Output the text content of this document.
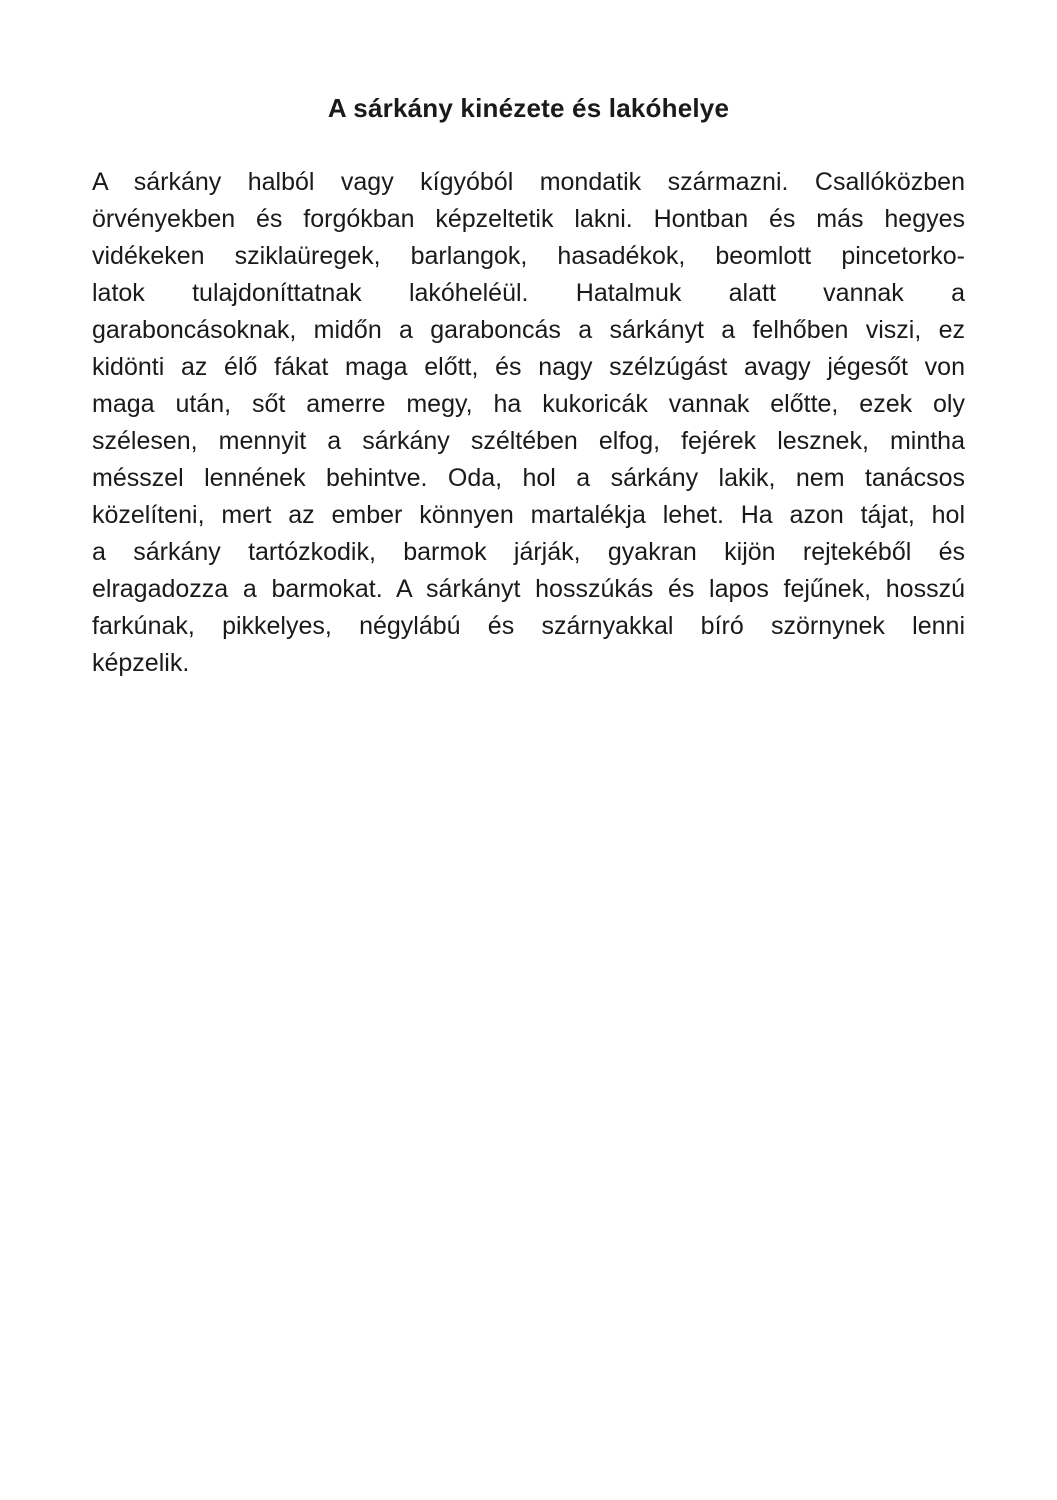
A sárkány kinézete és lakóhelye
A sárkány halból vagy kígyóból mondatik származni. Csallóközben
örvényekben és forgókban képzeltetik lakni. Hontban és más hegyes
vidékeken sziklaüregek, barlangok, hasadékok, beomlott pincetorko-
latok tulajdoníttatnak lakóheléül. Hatalmuk alatt vannak a
garaboncásoknak, midőn a garaboncás a sárkányt a felhőben viszi, ez
kidönti az élő fákat maga előtt, és nagy szélzúgást avagy jégesőt von
maga után, sőt amerre megy, ha kukoricák vannak előtte, ezek oly
szélesen, mennyit a sárkány széltében elfog, fejérek lesznek, mintha
mésszel lennének behintve. Oda, hol a sárkány lakik, nem tanácsos
közelíteni, mert az ember könnyen martalékja lehet. Ha azon tájat, hol
a sárkány tartózkodik, barmok járják, gyakran kijön rejtekéből és
elragadozza a barmokat. A sárkányt hosszúkás és lapos fejűnek, hosszú
farkúnak, pikkelyes, négylábú és szárnyakkal bíró szörnynek lenni
képzelik.
